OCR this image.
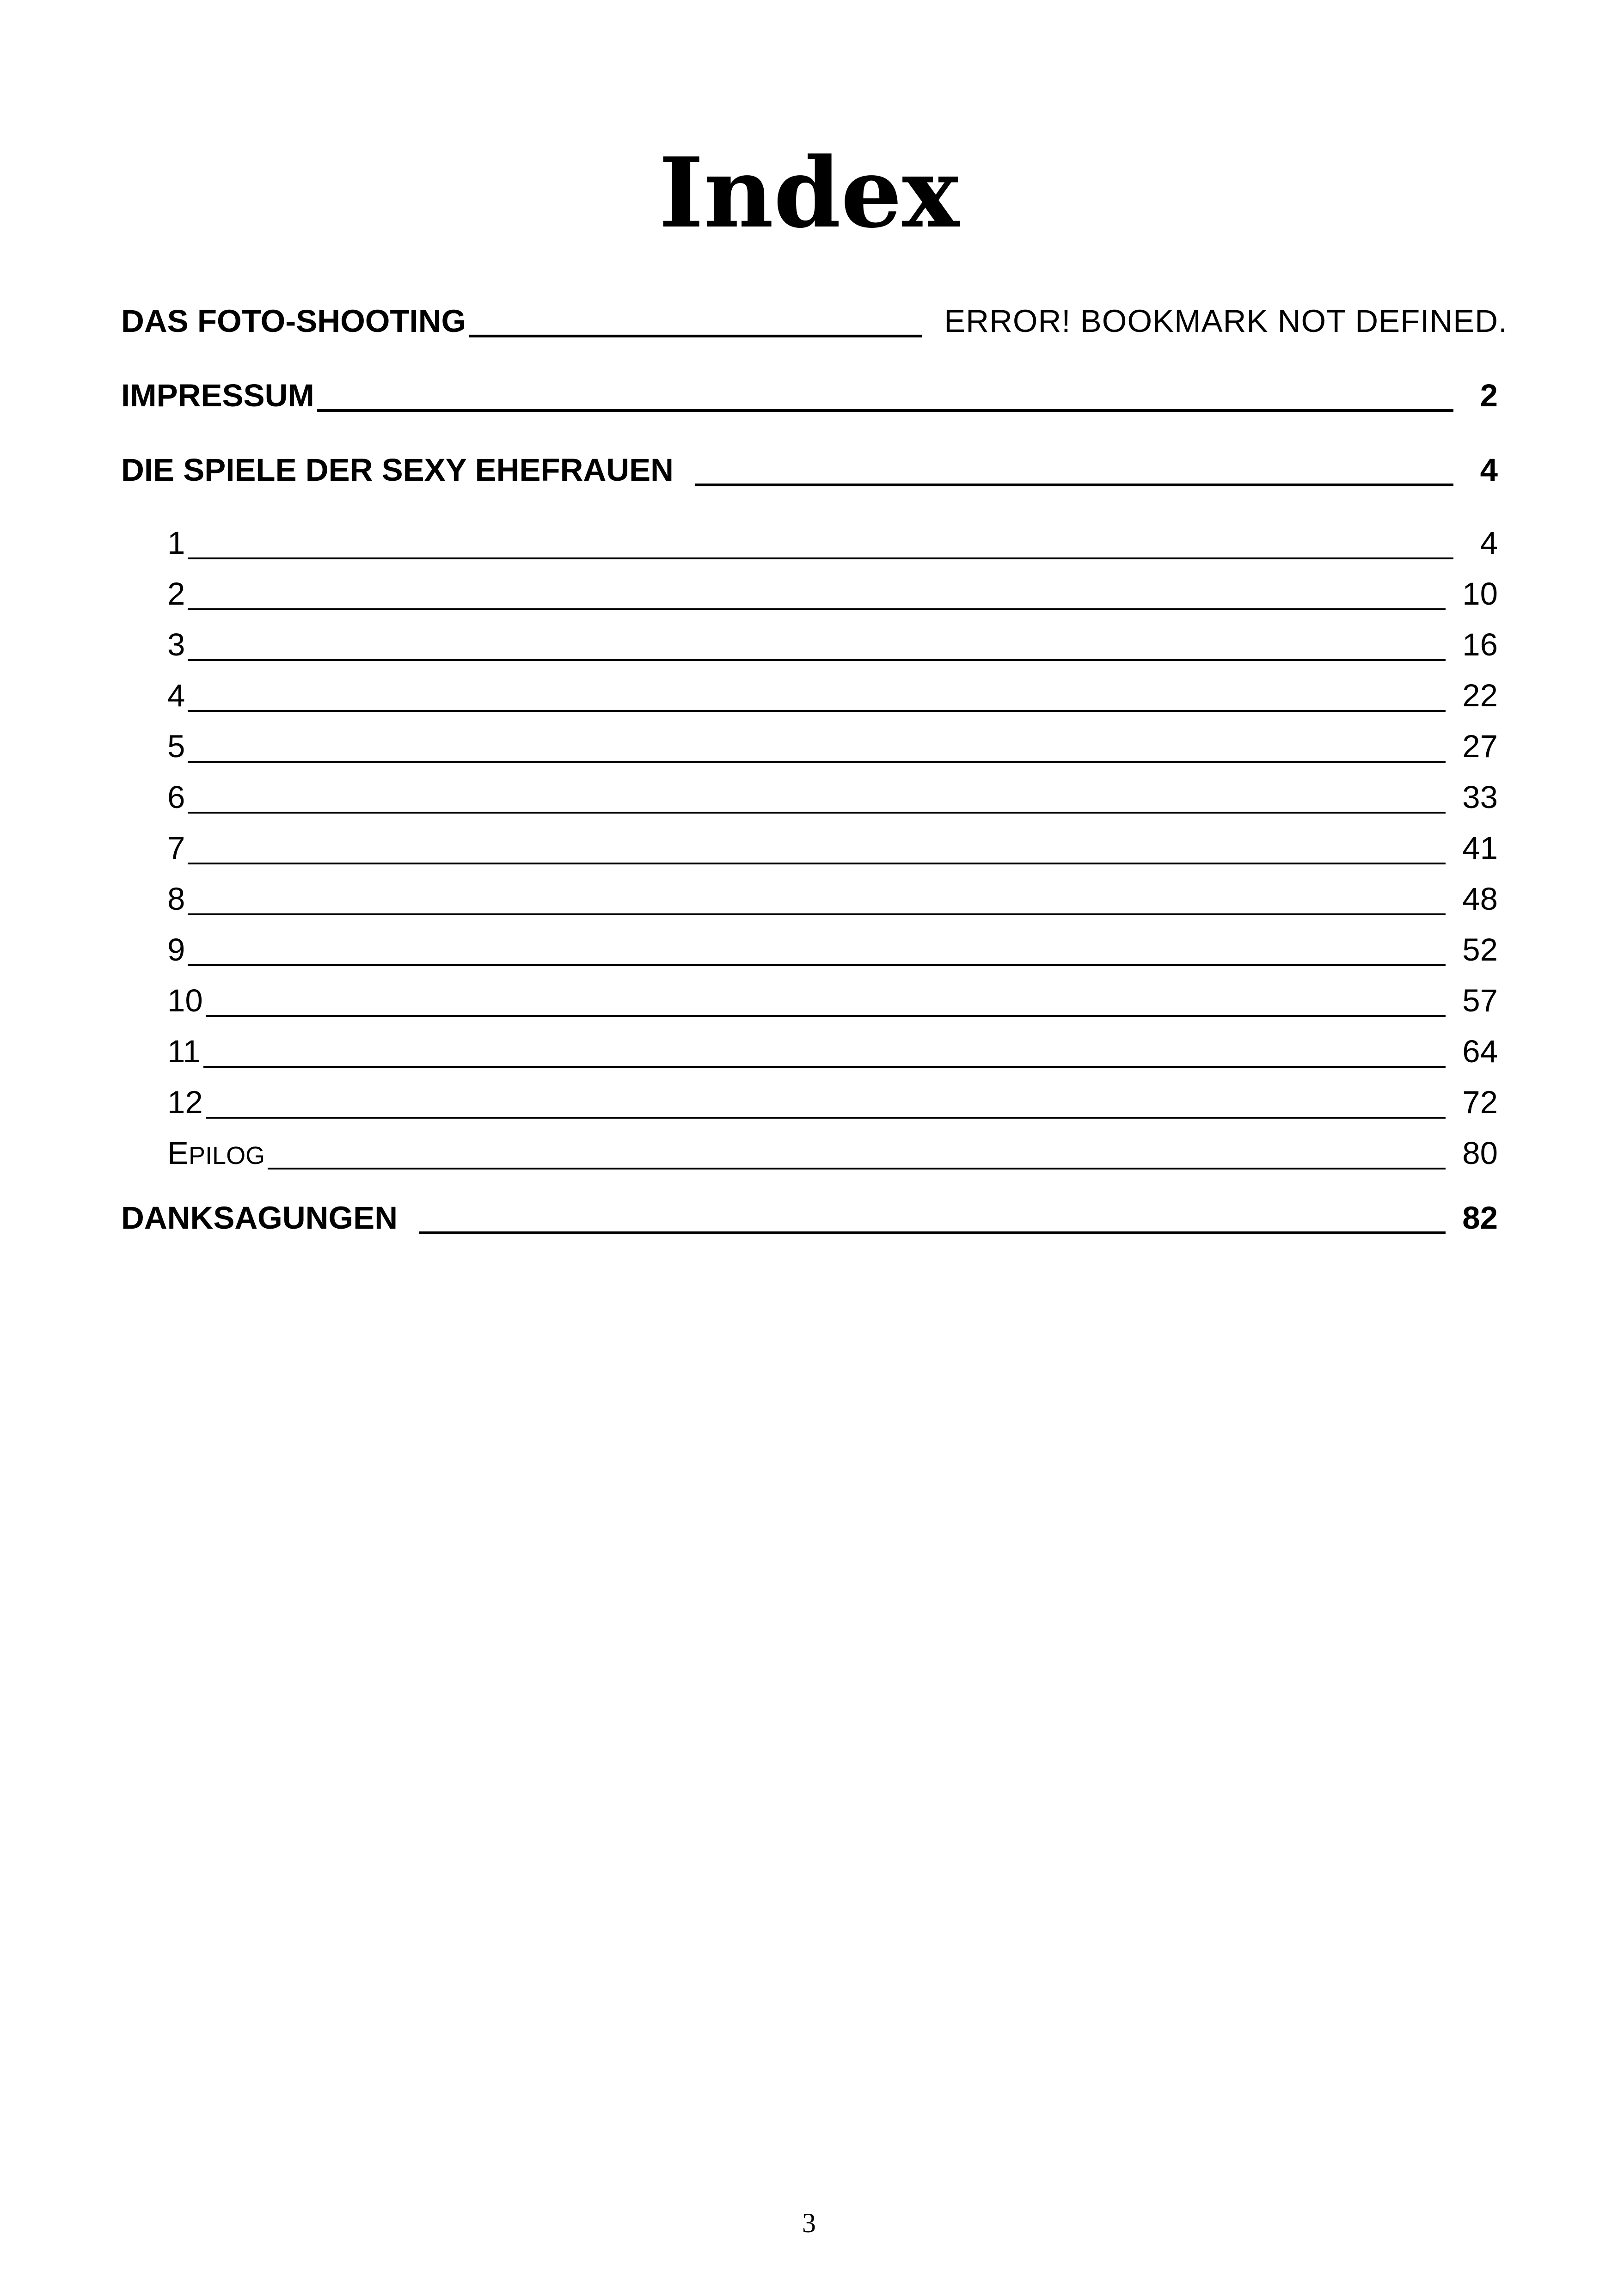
Index
DAS FOTO-SHOOTING	ERROR! BOOKMARK NOT DEFINED.
IMPRESSUM	2
DIE SPIELE DER SEXY EHEFRAUEN	4
1	4
2	10
3	16
4	22
5	27
6	33
7	41
8	48
9	52
10	57
11	64
12	72
EPILOG	80
DANKSAGUNGEN	82
3
